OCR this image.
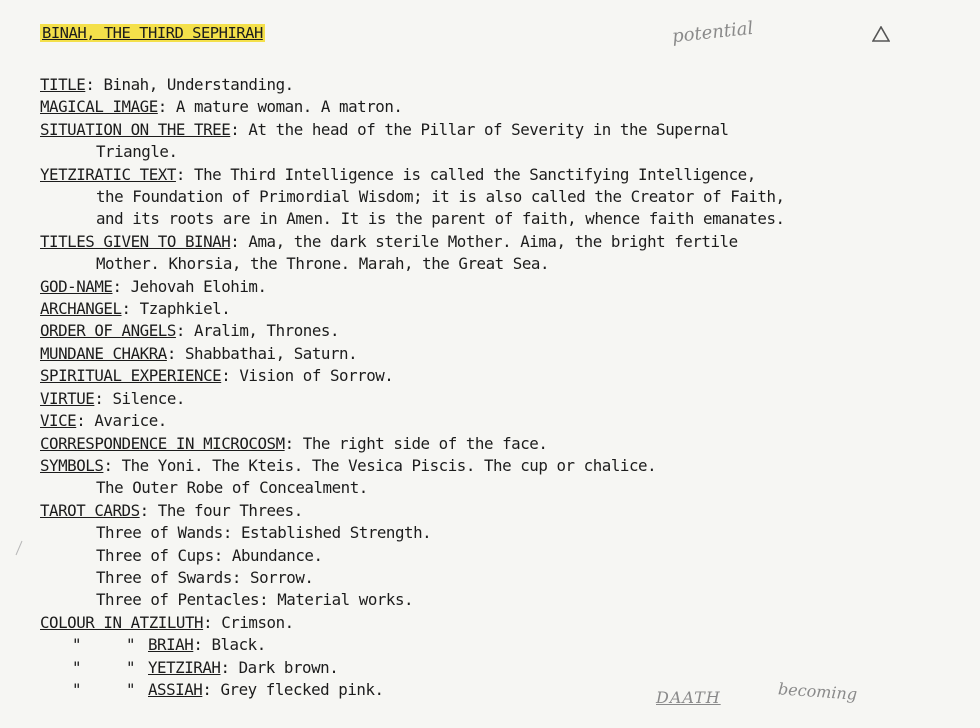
BINAH, THE THIRD SEPHIRAH	potential
TITLE: Binah, Understanding.
MAGICAL IMAGE: A mature woman. A matron.
SITUATION ON THE TREE: At the head of the Pillar of Severity in the Supernal
Triangle.
YETZIRATIC TEXT: The Third Intelligence is called the Sanctifying Intelligence,
the Foundation of Primordial Wisdom; it is also called the Creator of Faith,
and its roots are in Amen. It is the parent of faith, whence faith emanates.
TITLES GIVEN TO BINAH: Ama, the dark sterile Mother. Aima, the bright fertile
Mother. Khorsia, the Throne. Marah, the Great Sea.
GOD-NAME: Jehovah Elohim.
ARCHANGEL: Tzaphkiel.
ORDER OF ANGELS: Aralim, Thrones.
MUNDANE CHAKRA: Shabbathai, Saturn.
SPIRITUAL EXPERIENCE: Vision of Sorrow.
VIRTUE: Silence.
VICE: Avarice.
CORRESPONDENCE IN MICROCOSM: The right side of the face.
SYMBOLS: The Yoni. The Kteis. The Vesica Piscis. The cup or chalice.
The Outer Robe of Concealment.
TAROT CARDS: The four Threes.
Three of Wands: Established Strength.
Three of Cups: Abundance.
Three of Swards: Sorrow.
Three of Pentacles: Material works.
COLOUR IN ATZILUTH: Crimson.
"	" BRIAH: Black.
"	" YETZIRAH: Dark brown.
"	" ASSIAH: Grey flecked pink.	DAATH	becoming
